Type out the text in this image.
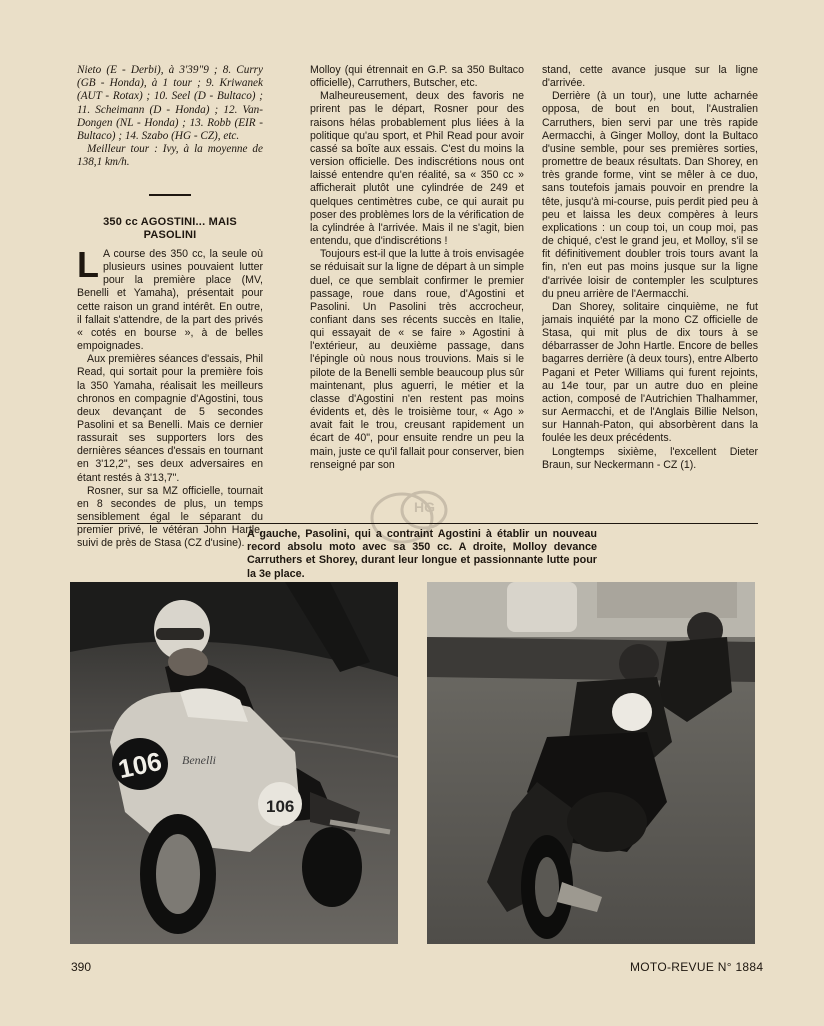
Nieto (E - Derbi), à 3'39"9 ; 8. Curry (GB - Honda), à 1 tour ; 9. Kriwanek (AUT - Rotax) ; 10. Seel (D - Bultaco) ; 11. Scheimann (D - Honda) ; 12. Van-Dongen (NL - Honda) ; 13. Robb (EIR - Bultaco) ; 14. Szabo (HG - CZ), etc.

Meilleur tour : Ivy, à la moyenne de 138,1 km/h.

350 cc AGOSTINI... MAIS PASOLINI

L A course des 350 cc, la seule où plusieurs usines pouvaient lutter pour la première place (MV, Benelli et Yamaha), présentait pour cette raison un grand intérêt. En outre, il fallait s'attendre, de la part des privés « cotés en bourse », à de belles empoignades.

Aux premières séances d'essais, Phil Read, qui sortait pour la première fois la 350 Yamaha, réalisait les meilleurs chronos en compagnie d'Agostini, tous deux devançant de 5 secondes Pasolini et sa Benelli. Mais ce dernier rassurait ses supporters lors des dernières séances d'essais en tournant en 3'12,2", ses deux adversaires en étant restés à 3'13,7".

Rosner, sur sa MZ officielle, tournait en 8 secondes de plus, un temps sensiblement égal le séparant du premier privé, le vétéran John Hartle, suivi de près de Stasa (CZ d'usine).

Molloy (qui étrennait en G.P. sa 350 Bultaco officielle), Carruthers, Butscher, etc.

Malheureusement, deux des favoris ne prirent pas le départ, Rosner pour des raisons hélas probablement plus liées à la politique qu'au sport, et Phil Read pour avoir cassé sa boîte aux essais. C'est du moins la version officielle. Des indiscrétions nous ont laissé entendre qu'en réalité, sa « 350 cc » afficherait plutôt une cylindrée de 249 et quelques centimètres cube, ce qui aurait pu poser des problèmes lors de la vérification de la cylindrée à l'arrivée. Mais il ne s'agit, bien entendu, que d'indiscrétions !

Toujours est-il que la lutte à trois envisagée se réduisait sur la ligne de départ à un simple duel, ce que semblait confirmer le premier passage, roue dans roue, d'Agostini et Pasolini. Un Pasolini très accrocheur, confiant dans ses récents succès en Italie, qui essayait de « se faire » Agostini à l'extérieur, au deuxième passage, dans l'épingle où nous nous trouvions. Mais si le pilote de la Benelli semble beaucoup plus sûr maintenant, plus aguerri, le métier et la classe d'Agostini n'en restent pas moins évidents et, dès le troisième tour, « Ago » avait fait le trou, creusant rapidement un écart de 40", pour ensuite rendre un peu la main, juste ce qu'il fallait pour conserver, bien renseigné par son

stand, cette avance jusque sur la ligne d'arrivée.

Derrière (à un tour), une lutte acharnée opposa, de bout en bout, l'Australien Carruthers, bien servi par une très rapide Aermacchi, à Ginger Molloy, dont la Bultaco d'usine semble, pour ses premières sorties, promettre de beaux résultats. Dan Shorey, en très grande forme, vint se mêler à ce duo, sans toutefois jamais pouvoir en prendre la tête, jusqu'à mi-course, puis perdit pied peu à peu et laissa les deux compères à leurs explications : un coup toi, un coup moi, pas de chiqué, c'est le grand jeu, et Molloy, s'il se fit définitivement doubler trois tours avant la fin, n'en eut pas moins jusque sur la ligne d'arrivée loisir de contempler les sculptures du pneu arrière de l'Aermacchi.

Dan Shorey, solitaire cinquième, ne fut jamais inquiété par la mono CZ officielle de Stasa, qui mit plus de dix tours à se débarrasser de John Hartle. Encore de belles bagarres derrière (à deux tours), entre Alberto Pagani et Peter Williams qui furent rejoints, au 14e tour, par un autre duo en pleine action, composé de l'Autrichien Thalhammer, sur Aermacchi, et de l'Anglais Billie Nelson, sur Hannah-Paton, qui absorbèrent dans la foulée les deux précédents.

Longtemps sixième, l'excellent Dieter Braun, sur Neckermann - CZ (1).

HG
A gauche, Pasolini, qui a contraint Agostini à établir un nouveau record absolu moto avec sa 350 cc. A droite, Molloy devance Carruthers et Shorey, durant leur longue et passionnante lutte pour la 3e place.
106 Benelli
106
390	MOTO-REVUE N° 1884
